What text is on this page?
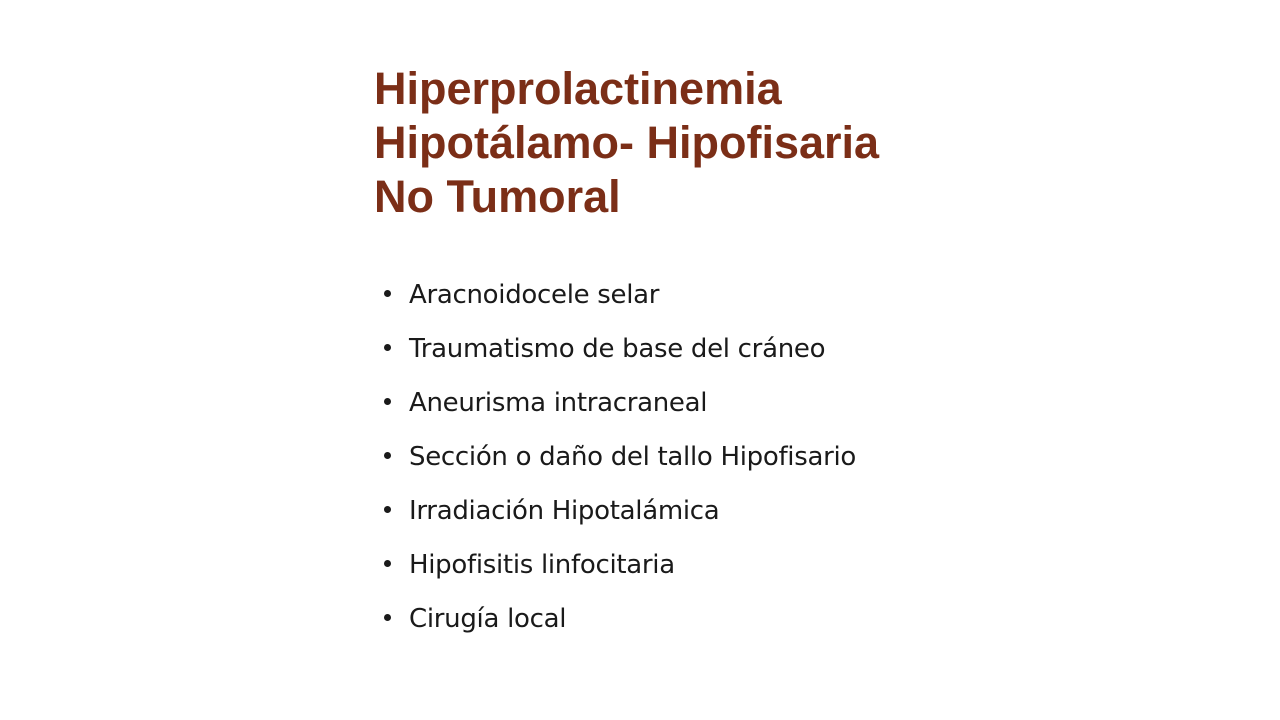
Hiperprolactinemia
Hipotálamo- Hipofisaria
No Tumoral
Aracnoidocele selar
Traumatismo de base del cráneo
Aneurisma intracraneal
Sección o daño del tallo Hipofisario
Irradiación Hipotalámica
Hipofisitis linfocitaria
Cirugía local
